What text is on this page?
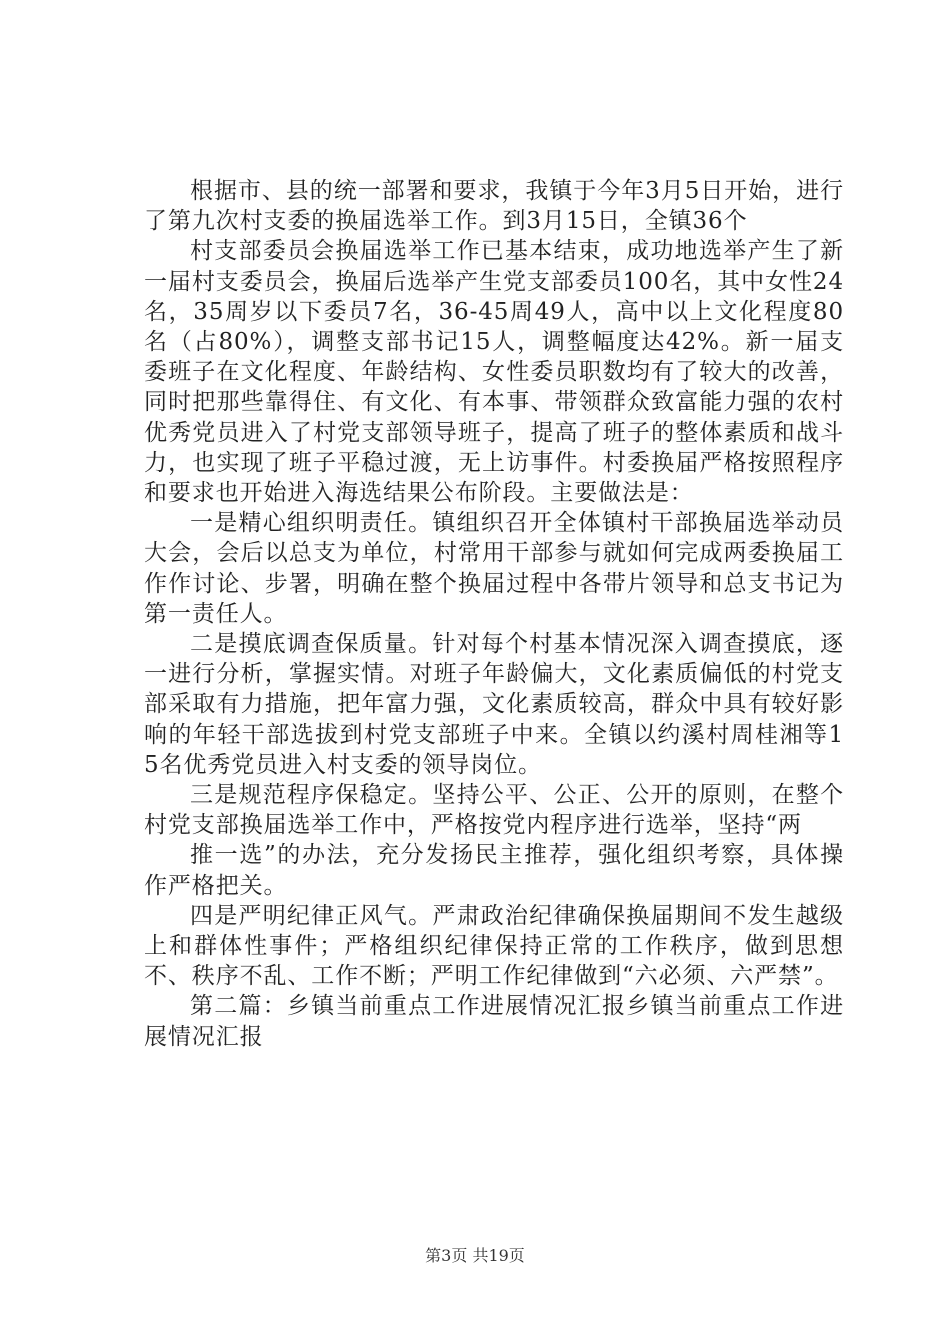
根据市、县的统一部署和要求，我镇于今年3月5日开始，进行了第九次村支委的换届选举工作。到3月15日，全镇36个

村支部委员会换届选举工作已基本结束，成功地选举产生了新一届村支委员会，换届后选举产生党支部委员100名，其中女性24名，35周岁以下委员7名，36-45周49人，高中以上文化程度80名（占80%），调整支部书记15人，调整幅度达42%。新一届支委班子在文化程度、年龄结构、女性委员职数均有了较大的改善，同时把那些靠得住、有文化、有本事、带领群众致富能力强的农村优秀党员进入了村党支部领导班子，提高了班子的整体素质和战斗力，也实现了班子平稳过渡，无上访事件。村委换届严格按照程序和要求也开始进入海选结果公布阶段。主要做法是：

一是精心组织明责任。镇组织召开全体镇村干部换届选举动员大会，会后以总支为单位，村常用干部参与就如何完成两委换届工作作讨论、步署，明确在整个换届过程中各带片领导和总支书记为第一责任人。

二是摸底调查保质量。针对每个村基本情况深入调查摸底，逐一进行分析，掌握实情。对班子年龄偏大，文化素质偏低的村党支部采取有力措施，把年富力强，文化素质较高，群众中具有较好影响的年轻干部选拔到村党支部班子中来。全镇以约溪村周桂湘等15名优秀党员进入村支委的领导岗位。

三是规范程序保稳定。坚持公平、公正、公开的原则，在整个村党支部换届选举工作中，严格按党内程序进行选举，坚持“两

推一选”的办法，充分发扬民主推荐，强化组织考察，具体操作严格把关。

四是严明纪律正风气。严肃政治纪律确保换届期间不发生越级上和群体性事件；严格组织纪律保持正常的工作秩序，做到思想不、秩序不乱、工作不断；严明工作纪律做到“六必须、六严禁”。

第二篇：乡镇当前重点工作进展情况汇报乡镇当前重点工作进展情况汇报

第3页 共19页
